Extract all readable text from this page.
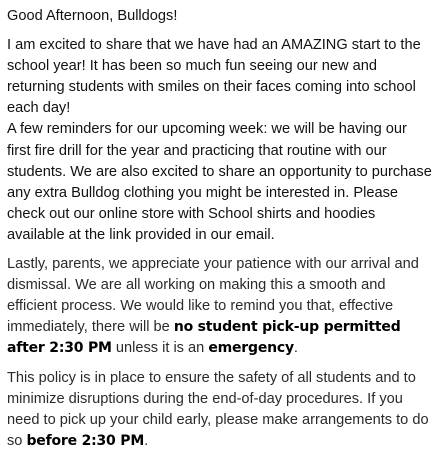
Good Afternoon, Bulldogs!

I am excited to share that we have had an AMAZING start to the school year! It has been so much fun seeing our new and returning students with smiles on their faces coming into school each day!

A few reminders for our upcoming week: we will be having our first fire drill for the year and practicing that routine with our students. We are also excited to share an opportunity to purchase any extra Bulldog clothing you might be interested in. Please check out our online store with School shirts and hoodies available at the link provided in our email.

Lastly, parents, we appreciate your patience with our arrival and dismissal. We are all working on making this a smooth and efficient process. We would like to remind you that, effective immediately, there will be no student pick-up permitted after 2:30 PM unless it is an emergency.

This policy is in place to ensure the safety of all students and to minimize disruptions during the end-of-day procedures. If you need to pick up your child early, please make arrangements to do so before 2:30 PM.
